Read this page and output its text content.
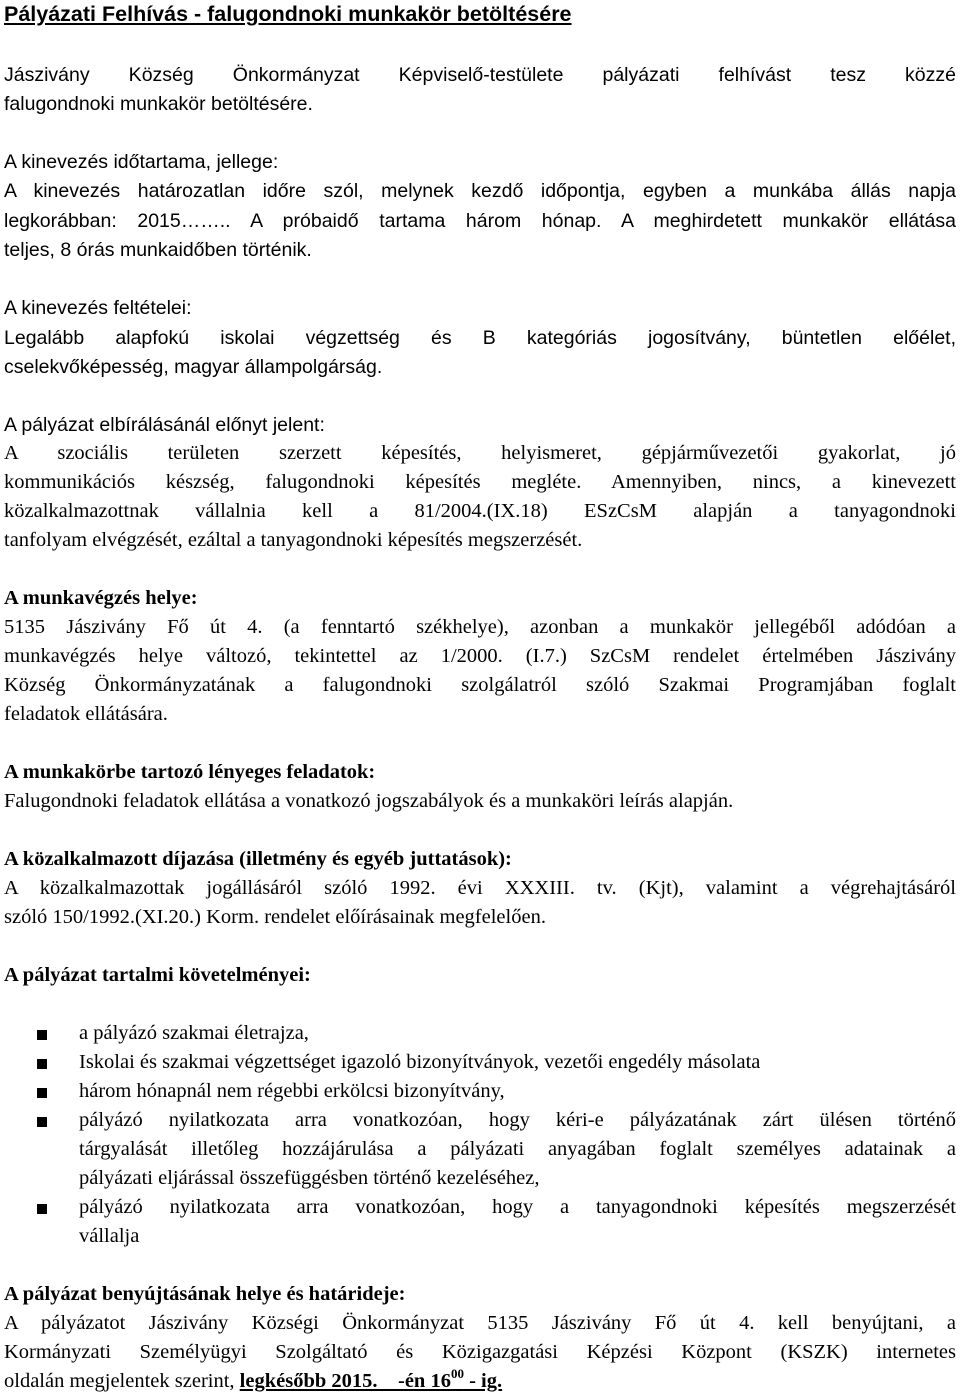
Pályázati Felhívás - falugondnoki munkakör betöltésére

Jászivány Község Önkormányzat Képviselő-testülete pályázati felhívást tesz közzé

falugondnoki munkakör betöltésére.

A kinevezés időtartama, jellege:

A kinevezés határozatlan időre szól, melynek kezdő időpontja, egyben a munkába állás napja

legkorábban: 2015…….. A próbaidő tartama három hónap. A meghirdetett munkakör ellátása

teljes, 8 órás munkaidőben történik.

A kinevezés feltételei:

Legalább alapfokú iskolai végzettség és B kategóriás jogosítvány, büntetlen előélet,

cselekvőképesség, magyar állampolgárság.

A pályázat elbírálásánál előnyt jelent:

A szociális területen szerzett képesítés, helyismeret, gépjárművezetői gyakorlat, jó

kommunikációs készség, falugondnoki képesítés megléte. Amennyiben, nincs, a kinevezett

közalkalmazottnak vállalnia kell a 81/2004.(IX.18) ESzCsM alapján a tanyagondnoki

tanfolyam elvégzését, ezáltal a tanyagondnoki képesítés megszerzését.

A munkavégzés helye:

5135 Jászivány Fő út 4. (a fenntartó székhelye), azonban a munkakör jellegéből adódóan a

munkavégzés helye változó, tekintettel az 1/2000. (I.7.) SzCsM rendelet értelmében Jászivány

Község Önkormányzatának a falugondnoki szolgálatról szóló Szakmai Programjában foglalt

feladatok ellátására.

A munkakörbe tartozó lényeges feladatok:

Falugondnoki feladatok ellátása a vonatkozó jogszabályok és a munkaköri leírás alapján.

A közalkalmazott díjazása (illetmény és egyéb juttatások):

A közalkalmazottak jogállásáról szóló 1992. évi XXXIII. tv. (Kjt), valamint a végrehajtásáról

szóló 150/1992.(XI.20.) Korm. rendelet előírásainak megfelelően.

A pályázat tartalmi követelményei:

a pályázó szakmai életrajza,

Iskolai és szakmai végzettséget igazoló bizonyítványok, vezetői engedély másolata

három hónapnál nem régebbi erkölcsi bizonyítvány,

pályázó nyilatkozata arra vonatkozóan, hogy kéri-e pályázatának zárt ülésen történő

tárgyalását illetőleg hozzájárulása a pályázati anyagában foglalt személyes adatainak a

pályázati eljárással összefüggésben történő kezeléséhez,

pályázó nyilatkozata arra vonatkozóan, hogy a tanyagondnoki képesítés megszerzését

vállalja

A pályázat benyújtásának helye és határideje:

A pályázatot Jászivány Községi Önkormányzat 5135 Jászivány Fő út 4. kell benyújtani, a

Kormányzati Személyügyi Szolgáltató és Közigazgatási Képzési Központ (KSZK) internetes

oldalán megjelentek szerint, legkésőbb 2015.    -én $16^{00}$ - ig.
